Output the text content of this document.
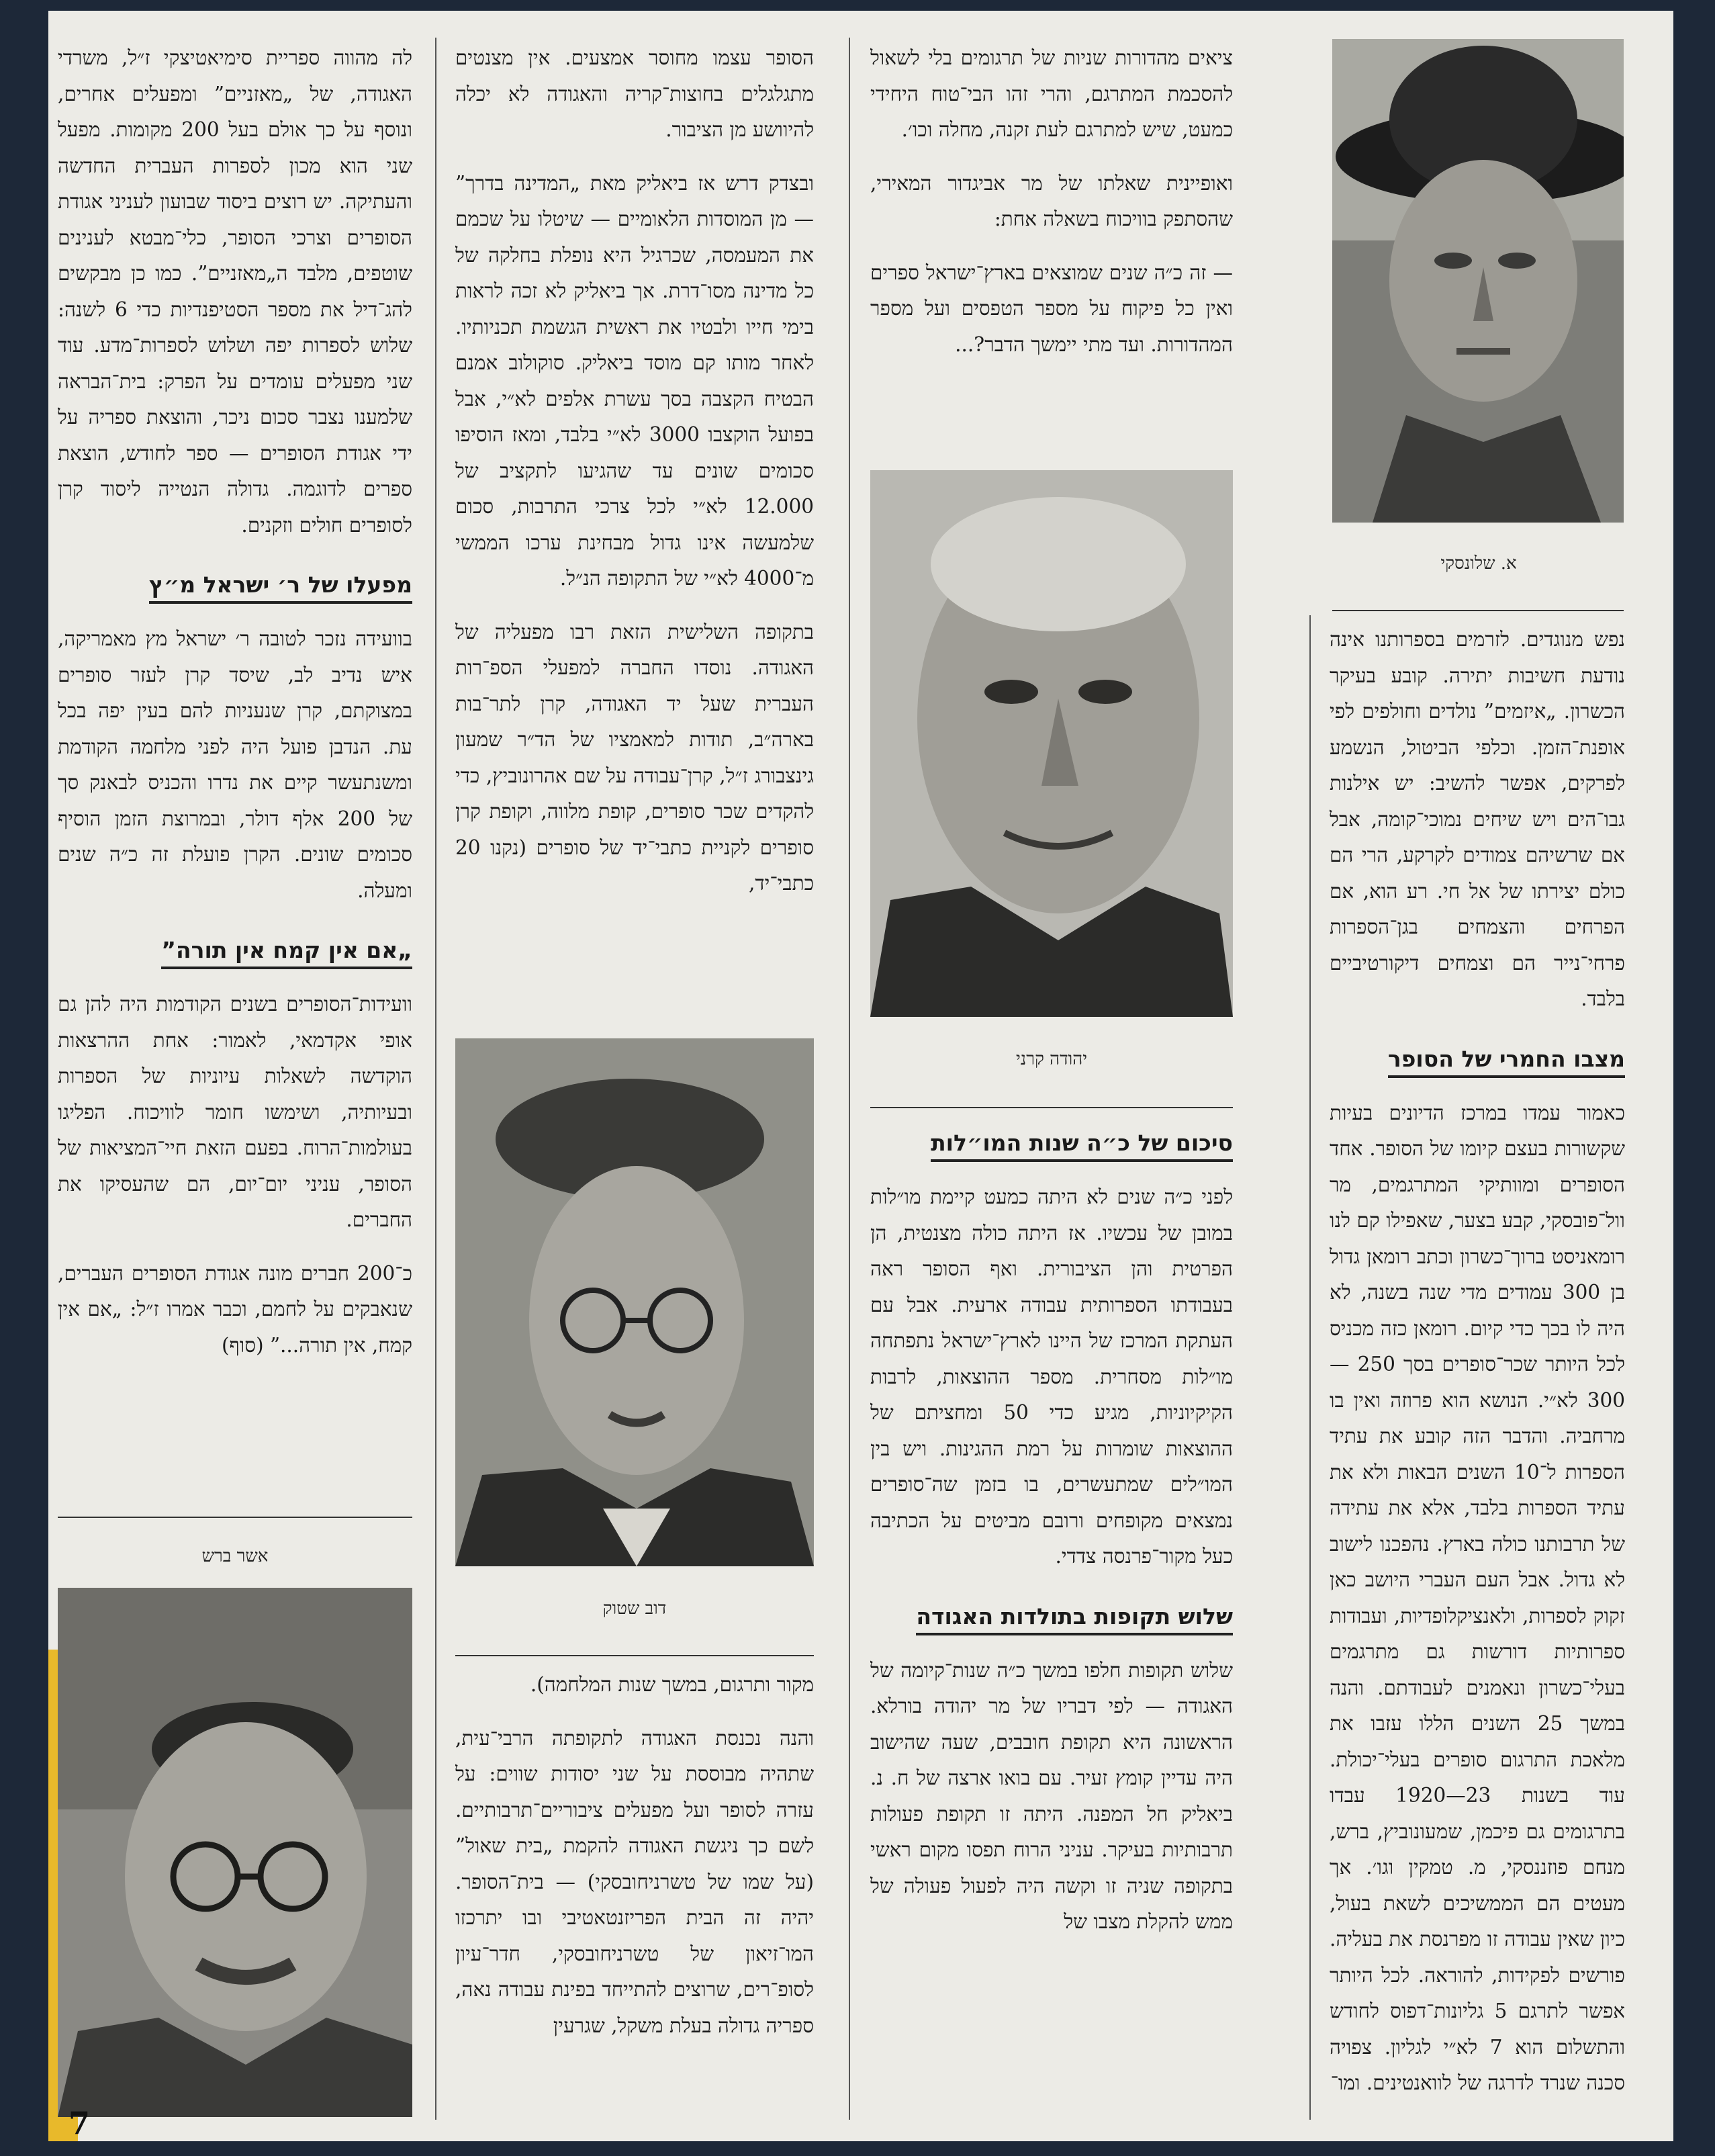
א. שלונסקי
יהודה קרני
דוב שטוק
אשר ברש

נפש מנוגדים. לזרמים בספרותנו אינה נודעת חשיבות יתירה. קובע בעיקר הכשרון. „איזמים” נולדים וחולפים לפי אופנת־הזמן. וכלפי הביטול, הנשמע לפרקים, אפשר להשיב: יש אילנות גבו־הים ויש שיחים נמוכי־קומה, אבל אם שרשיהם צמודים לקרקע, הרי הם כולם יצירתו של אל חי. רע הוא, אם הפרחים והצמחים בגן־הספרות פרחי־נייר הם וצמחים דיקורטיביים בלבד.

מצבו החמרי של הסופר

כאמור עמדו במרכז הדיונים בעיות שקשורות בעצם קיומו של הסופר. אחד הסופרים ומוותיקי המתרגמים, מר וול־פובסקי, קבע בצער, שאפילו קם לנו רומאניסט ברוך־כשרון וכתב רומאן גדול בן 300 עמודים מדי שנה בשנה, לא היה לו בכך כדי קיום. רומאן כזה מכניס לכל היותר שכר־סופרים בסך 250 — 300 לא״י. הנושא הוא פרוזה ואין בו מרחביה. והדבר הזה קובע את עתיד הספרות ל־10 השנים הבאות ולא את עתיד הספרות בלבד, אלא את עתידה של תרבותנו כולה בארץ. נהפכנו לישוב לא גדול. אבל העם העברי היושב כאן זקוק לספרות, ולאנציקלופדיות, ועבודות ספרותיות דורשות גם מתרגמים בעלי־כשרון ונאמנים לעבודתם. והנה במשך 25 השנים הללו עזבו את מלאכת התרגום סופרים בעלי־יכולת. עוד בשנות 23—1920 עבדו בתרגומים גם פיכמן, שמעונוביץ, ברש, מנחם פוזננסקי, מ. טמקין וגו׳. אך מעטים הם הממשיכים לשאת בעול, כיון שאין עבודה זו מפרנסת את בעליה. פורשים לפקידות, להוראה. לכל היותר אפשר לתרגם 5 גליונות־דפוס לחודש והתשלום הוא 7 לא״י לגליון. צפויה סכנה שנרד לדרגה של לוואנטינים. ומו־

ציאים מהדורות שניות של תרגומים בלי לשאול להסכמת המתרגם, והרי זהו הבי־טוח היחידי כמעט, שיש למתרגם לעת זקנה, מחלה וכו׳.

ואופיינית שאלתו של מר אביגדור המאירי, שהסתפק בוויכוח בשאלה אחת:

— זה כ״ה שנים שמוצאים בארץ־ישראל ספרים ואין כל פיקוח על מספר הטפסים ועל מספר המהדורות. ועד מתי יימשך הדבר?...

סיכום של כ״ה שנות המו״לות

לפני כ״ה שנים לא היתה כמעט קיימת מו״לות במובן של עכשיו. אז היתה כולה מצנטית, הן הפרטית והן הציבורית. ואף הסופר ראה בעבודתו הספרותית עבודה ארעית. אבל עם העתקת המרכז של היינו לארץ־ישראל נתפתחה מו״לות מסחרית. מספר ההוצאות, לרבות הקיקיוניות, מגיע כדי 50 ומחציתם של ההוצאות שומרות על רמת ההגינות. ויש בין המו״לים שמתעשרים, בו בזמן שה־סופרים נמצאים מקופחים ורובם מביטים על הכתיבה כעל מקור־פרנסה צדדי.

שלוש תקופות בתולדות האגודה

שלוש תקופות חלפו במשך כ״ה שנות־קיומה של האגודה — לפי דבריו של מר יהודה בורלא. הראשונה היא תקופת חובבים, שעה שהישוב היה עדיין קומץ זעיר. עם בואו ארצה של ח. נ. ביאליק חל המפנה. היתה זו תקופת פעולות תרבותיות בעיקר. עניני הרוח תפסו מקום ראשי בתקופה שניה זו וקשה היה לפעול פעולה של ממש להקלת מצבו של

הסופר עצמו מחוסר אמצעים. אין מצנטים מתגלגלים בחוצות־קריה והאגודה לא יכלה להיוושע מן הציבור.

ובצדק דרש אז ביאליק מאת „המדינה בדרך” — מן המוסדות הלאומיים — שיטלו על שכמם את המעמסה, שכרגיל היא נופלת בחלקה של כל מדינה מסו־דרת. אך ביאליק לא זכה לראות בימי חייו ולבטיו את ראשית הגשמת תכניותיו. לאחר מותו קם מוסד ביאליק. סוקולוב אמנם הבטיח הקצבה בסך עשרת אלפים לא״י, אבל בפועל הוקצבו 3000 לא״י בלבד, ומאז הוסיפו סכומים שונים עד שהגיעו לתקציב של 12.000 לא״י לכל צרכי התרבות, סכום שלמעשה אינו גדול מבחינת ערכו הממשי מ־4000 לא״י של התקופה הנ״ל.

בתקופה השלישית הזאת רבו מפעליה של האגודה. נוסדו החברה למפעלי הספ־רות העברית שעל יד האגודה, קרן לתר־בות בארה״ב, תודות למאמציו של הד״ר שמעון גינצבורג ז״ל, קרן־עבודה על שם אהרונוביץ, כדי להקדים שכר סופרים, קופת מלווה, וקופת קרן סופרים לקניית כתבי־יד של סופרים (נקנו 20 כתבי־יד,

מקור ותרגום, במשך שנות המלחמה).

והנה נכנסת האגודה לתקופתה הרבי־עית, שתהיה מבוססת על שני יסודות שווים: על עזרה לסופר ועל מפעלים ציבוריים־תרבותיים. לשם כך ניגשת האגודה להקמת „בית שאול” (על שמו של טשרניחובסקי) — בית־הסופר. יהיה זה הבית הפריזנטאטיבי ובו יתרכזו המו־זיאון של טשרניחובסקי, חדר־עיון לסופ־רים, שרוצים להתייחד בפינת עבודה נאה, ספריה גדולה בעלת משקל, שגרעין

לה מהווה ספריית סימיאטיצקי ז״ל, משרדי האגודה, של „מאזניים” ומפעלים אחרים, ונוסף על כך אולם בעל 200 מקומות. מפעל שני הוא מכון לספרות העברית החדשה והעתיקה. יש רוצים ביסוד שבועון לעניני אגודת הסופרים וצרכי הסופר, כלי־מבטא לענינים שוטפים, מלבד ה„מאזניים”. כמו כן מבקשים להג־דיל את מספר הסטיפנדיות כדי 6 לשנה: שלוש לספרות יפה ושלוש לספרות־מדע. עוד שני מפעלים עומדים על הפרק: בית־הבראה שלמענו נצבר סכום ניכר, והוצאת ספריה על ידי אגודת הסופרים — ספר לחודש, הוצאת ספרים לדוגמה. גדולה הנטייה ליסוד קרן לסופרים חולים וזקנים.

מפעלו של ר׳ ישראל מ״ץ

בוועידה נזכר לטובה ר׳ ישראל מץ מאמריקה, איש נדיב לב, שיסד קרן לעזר סופרים במצוקתם, קרן שנעניות להם בעין יפה בכל עת. הנדבן פועל היה לפני מלחמה הקודמת ומשנתעשר קיים את נדרו והכניס לבאנק סך של 200 אלף דולר, ובמרוצת הזמן הוסיף סכומים שונים. הקרן פועלת זה כ״ה שנים ומעלה.

„אם אין קמח אין תורה”

וועידות־הסופרים בשנים הקודמות היה להן גם אופי אקדמאי, לאמור: אחת ההרצאות הוקדשה לשאלות עיוניות של הספרות ובעיותיה, ושימשו חומר לוויכוח. הפליגו בעולמות־הרוח. בפעם הזאת חיי־המציאות של הסופר, עניני יום־יום, הם שהעסיקו את החברים.

כ־200 חברים מונה אגודת הסופרים העברים, שנאבקים על לחמם, וכבר אמרו ז״ל: „אם אין קמח, אין תורה...” (סוף)

7
